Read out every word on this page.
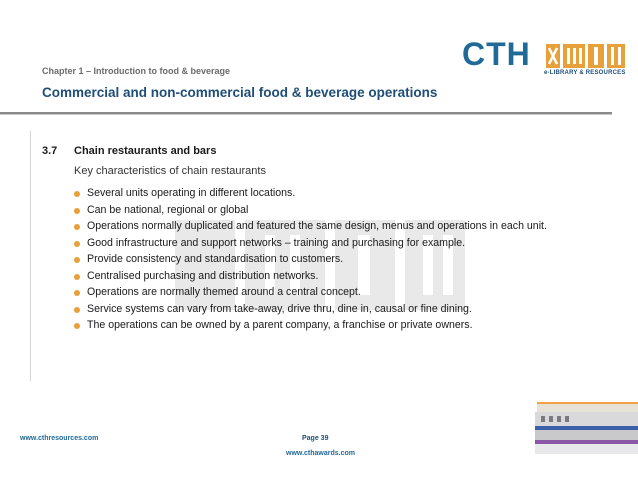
Chapter 1 – Introduction to food & beverage
Commercial and non-commercial food & beverage operations
CTH
e-LIBRARY & RESOURCES
3.7 Chain restaurants and bars
Key characteristics of chain restaurants
Several units operating in different locations.
Can be national, regional or global
Operations normally duplicated and featured the same design, menus and operations in each unit.
Good infrastructure and support networks – training and purchasing for example.
Provide consistency and standardisation to customers.
Centralised purchasing and distribution networks.
Operations are normally themed around a central concept.
Service systems can vary from take-away, drive thru, dine in, causal or fine dining.
The operations can be owned by a parent company, a franchise or private owners.
www.cthresources.com	Page 39
www.cthawards.com
